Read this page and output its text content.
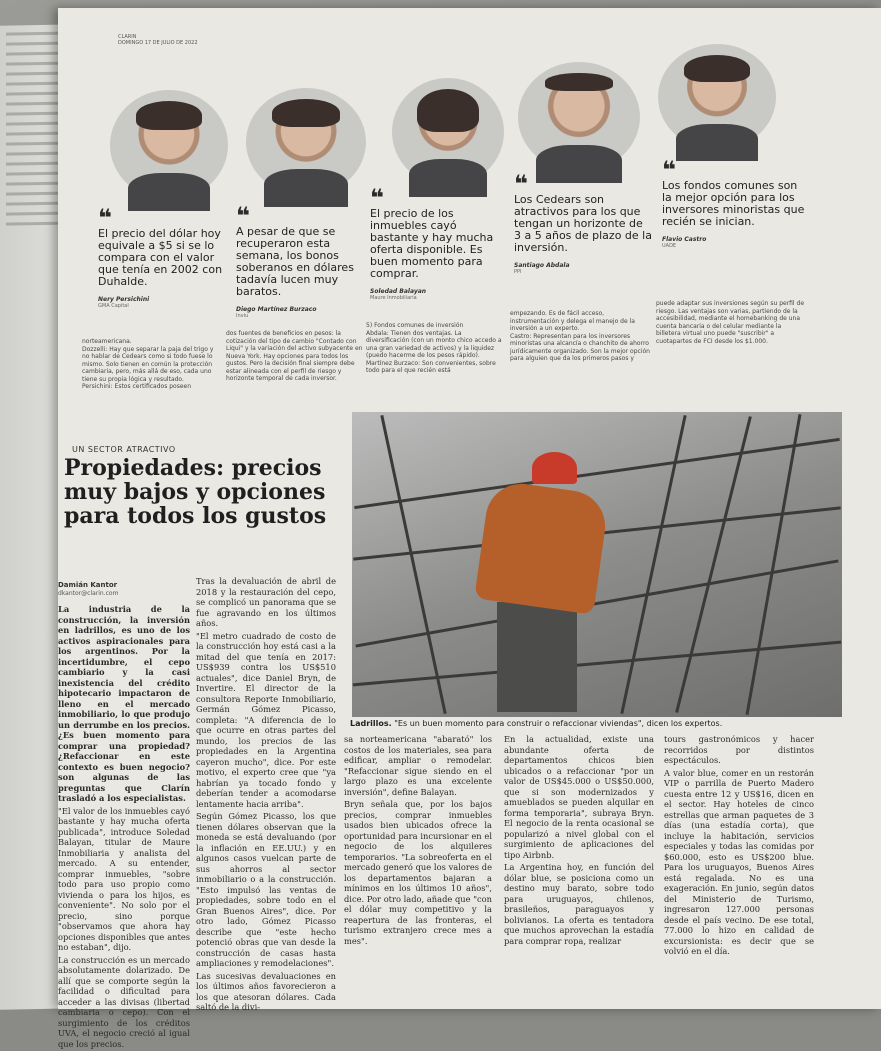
CLARIN
DOMINGO 17 DE JULIO DE 2022
❝
El precio del dólar hoy equivale a $5 si se lo compara con el valor que tenía en 2002 con Duhalde.
Nery Persichini
GMA Capital
❝
A pesar de que se recuperaron esta semana, los bonos soberanos en dólares tadavía lucen muy baratos.
Diego Martínez Burzaco
Inviu
❝
El precio de los inmuebles cayó bastante y hay mucha oferta disponible. Es buen momento para comprar.
Soledad Balayan
Maure Inmobiliaria
❝
Los Cedears son atractivos para los que tengan un horizonte de 3 a 5 años de plazo de la inversión.
Santiago Abdala
PPI
❝
Los fondos comunes son la mejor opción para los inversores minoristas que recién se inician.
Flavio Castro
UADE
norteamericana.
Dozzelli: Hay que separar la paja del trigo y no hablar de Cedears como si todo fuese lo mismo. Solo tienen en común la protección cambiaria, pero, más allá de eso, cada uno tiene su propia lógica y resultado.
Persichini: Estos certificados poseen
dos fuentes de beneficios en pesos: la cotización del tipo de cambio "Contado con Liqui" y la variación del activo subyacente en Nueva York. Hay opciones para todos los gustos. Pero la decisión final siempre debe estar alineada con el perfil de riesgo y horizonte temporal de cada inversor.
5) Fondos comunes de inversión
Abdala: Tienen dos ventajas. La diversificación (con un monto chico accedo a una gran variedad de activos) y la liquidez (puedo hacerme de los pesos rápido).
Martínez Burzaco: Son convenientes, sobre todo para el que recién está
empezando. Es de fácil acceso, instrumentación y delega el manejo de la inversión a un experto.
Castro: Representan para los inversores minoristas una alcancía o chanchito de ahorro jurídicamente organizado. Son la mejor opción para alguien que da los primeros pasos y
puede adaptar sus inversiones según su perfil de riesgo. Las ventajas son varias, partiendo de la accesibilidad, mediante el homebanking de una cuenta bancaria o del celular mediante la billetera virtual uno puede "suscribir" a cuotapartes de FCI desde los $1.000.
UN SECTOR ATRACTIVO
Propiedades: precios muy bajos y opciones para todos los gustos
Ladrillos. "Es un buen momento para construir o refaccionar viviendas", dicen los expertos.
Damián Kantor
dkantor@clarin.com

La industria de la construcción, la inversión en ladrillos, es uno de los activos aspiracionales para los argentinos. Por la incertidumbre, el cepo cambiario y la casi inexistencia del crédito hipotecario impactaron de lleno en el mercado inmobiliario, lo que produjo un derrumbe en los precios. ¿Es buen momento para comprar una propiedad? ¿Refaccionar en este contexto es buen negocio? son algunas de las preguntas que Clarín trasladó a los especialistas.

"El valor de los inmuebles cayó bastante y hay mucha oferta publicada", introduce Soledad Balayan, titular de Maure Inmobiliaria y analista del mercado. A su entender, comprar inmuebles, "sobre todo para uso propio como vivienda o para los hijos, es conveniente". No solo por el precio, sino porque "observamos que ahora hay opciones disponibles que antes no estaban", dijo.

La construcción es un mercado absolutamente dolarizado. De allí que se comporte según la facilidad o dificultad para acceder a las divisas (libertad cambiaria o cepo). Con el surgimiento de los créditos UVA, el negocio creció al igual que los precios.

Tras la devaluación de abril de 2018 y la restauración del cepo, se complicó un panorama que se fue agravando en los últimos años.

"El metro cuadrado de costo de la construcción hoy está casi a la mitad del que tenía en 2017: US$939 contra los US$510 actuales", dice Daniel Bryn, de Invertire. El director de la consultora Reporte Inmobiliario, Germán Gómez Picasso, completa: "A diferencia de lo que ocurre en otras partes del mundo, los precios de las propiedades en la Argentina cayeron mucho", dice. Por este motivo, el experto cree que "ya habrían ya tocado fondo y deberían tender a acomodarse lentamente hacia arriba".

Según Gómez Picasso, los que tienen dólares observan que la moneda se está devaluando (por la inflación en EE.UU.) y en algunos casos vuelcan parte de sus ahorros al sector inmobiliario o a la construcción. "Esto impulsó las ventas de propiedades, sobre todo en el Gran Buenos Aires", dice. Por otro lado, Gómez Picasso describe que "este hecho potenció obras que van desde la construcción de casas hasta ampliaciones y remodelaciones".

Las sucesivas devaluaciones en los últimos años favorecieron a los que atesoran dólares. Cada saltó de la divi-

sa norteamericana "abarató" los costos de los materiales, sea para edificar, ampliar o remodelar. "Refaccionar sigue siendo en el largo plazo es una excelente inversión", define Balayan.

Bryn señala que, por los bajos precios, comprar inmuebles usados bien ubicados ofrece la oportunidad para incursionar en el negocio de los alquileres temporarios. "La sobreoferta en el mercado generó que los valores de los departamentos bajaran a mínimos en los últimos 10 años", dice. Por otro lado, añade que "con el dólar muy competitivo y la reapertura de las fronteras, el turismo extranjero crece mes a mes".

En la actualidad, existe una abundante oferta de departamentos chicos bien ubicados o a refaccionar "por un valor de US$45.000 o US$50.000, que si son modernizados y amueblados se pueden alquilar en forma temporaria", subraya Bryn. El negocio de la renta ocasional se popularizó a nivel global con el surgimiento de aplicaciones del tipo Airbnb.

La Argentina hoy, en función del dólar blue, se posiciona como un destino muy barato, sobre todo para uruguayos, chilenos, brasileños, paraguayos y bolivianos. La oferta es tentadora que muchos aprovechan la estadía para comprar ropa, realizar

tours gastronómicos y hacer recorridos por distintos espectáculos.

A valor blue, comer en un restorán VIP o parrilla de Puerto Madero cuesta entre 12 y US$16, dicen en el sector. Hay hoteles de cinco estrellas que arman paquetes de 3 días (una estadía corta), que incluye la habitación, servicios especiales y todas las comidas por $60.000, esto es US$200 blue. Para los uruguayos, Buenos Aires está regalada. No es una exageración. En junio, según datos del Ministerio de Turismo, ingresaron 127.000 personas desde el país vecino. De ese total, 77.000 lo hizo en calidad de excursionista: es decir que se volvió en el día.
